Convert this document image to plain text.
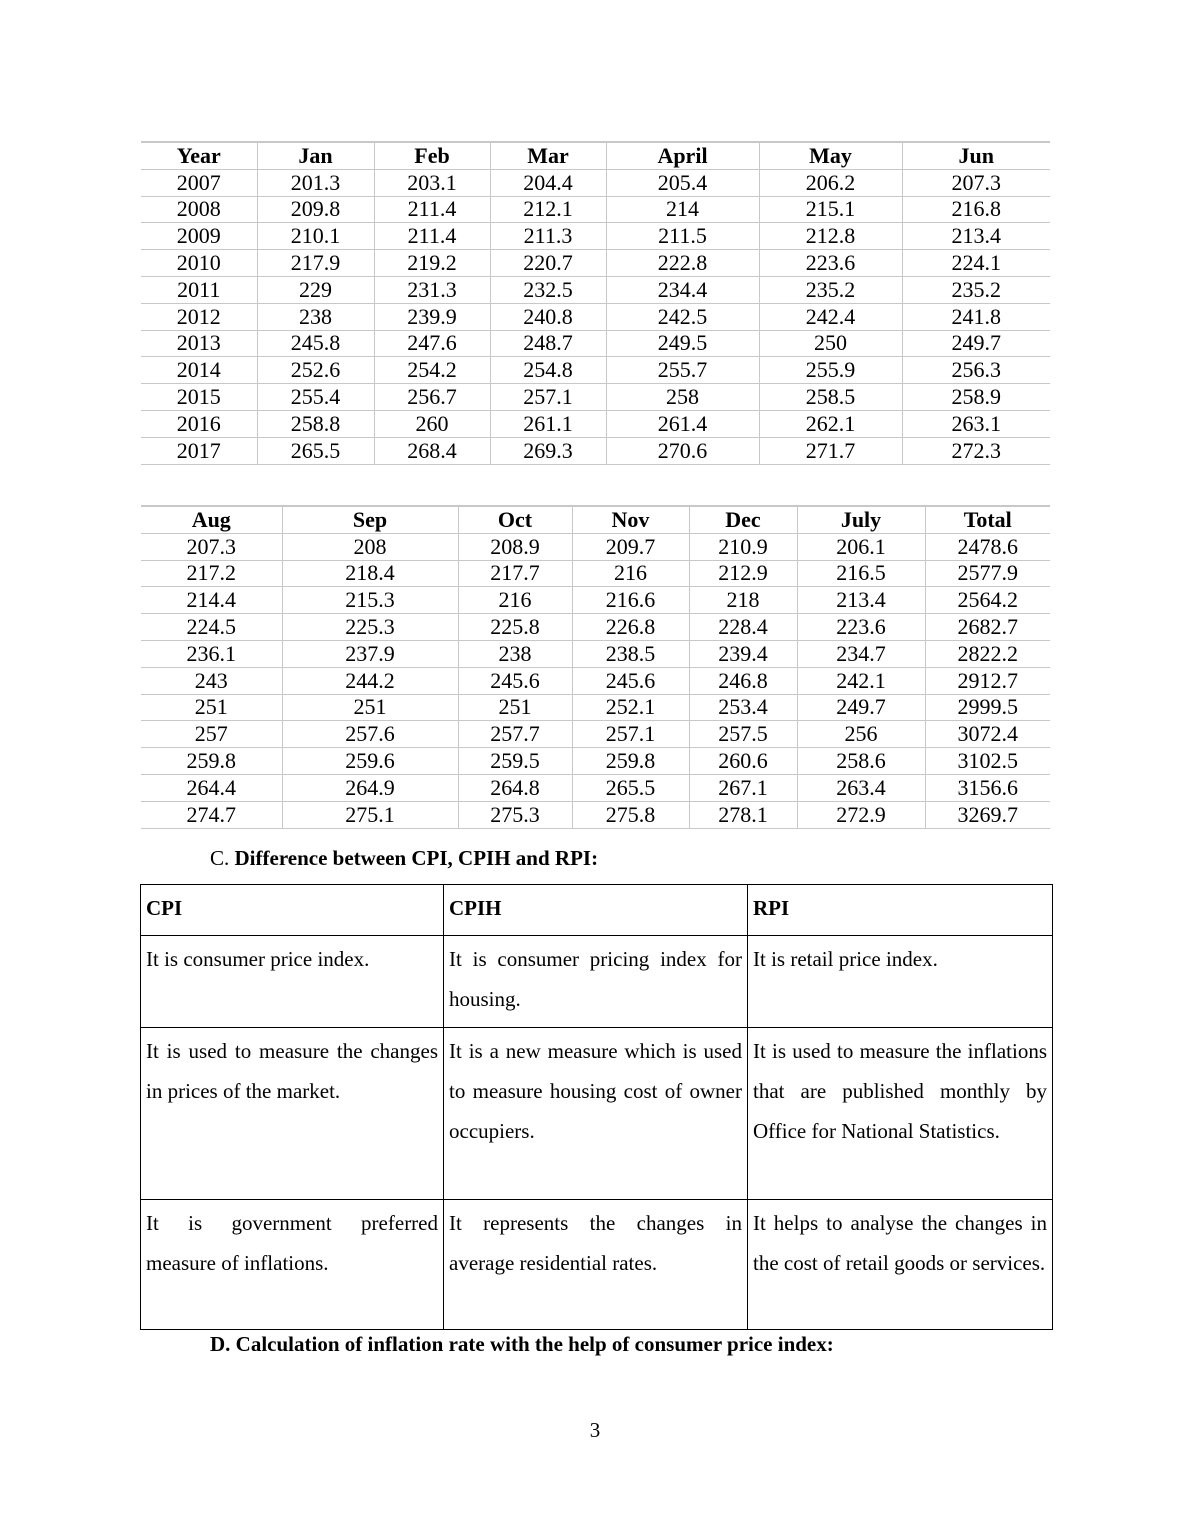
Year	Jan	Feb	Mar	April	May	Jun
2007	201.3	203.1	204.4	205.4	206.2	207.3
2008	209.8	211.4	212.1	214	215.1	216.8
2009	210.1	211.4	211.3	211.5	212.8	213.4
2010	217.9	219.2	220.7	222.8	223.6	224.1
2011	229	231.3	232.5	234.4	235.2	235.2
2012	238	239.9	240.8	242.5	242.4	241.8
2013	245.8	247.6	248.7	249.5	250	249.7
2014	252.6	254.2	254.8	255.7	255.9	256.3
2015	255.4	256.7	257.1	258	258.5	258.9
2016	258.8	260	261.1	261.4	262.1	263.1
2017	265.5	268.4	269.3	270.6	271.7	272.3
Aug	Sep	Oct	Nov	Dec	July	Total
207.3	208	208.9	209.7	210.9	206.1	2478.6
217.2	218.4	217.7	216	212.9	216.5	2577.9
214.4	215.3	216	216.6	218	213.4	2564.2
224.5	225.3	225.8	226.8	228.4	223.6	2682.7
236.1	237.9	238	238.5	239.4	234.7	2822.2
243	244.2	245.6	245.6	246.8	242.1	2912.7
251	251	251	252.1	253.4	249.7	2999.5
257	257.6	257.7	257.1	257.5	256	3072.4
259.8	259.6	259.5	259.8	260.6	258.6	3102.5
264.4	264.9	264.8	265.5	267.1	263.4	3156.6
274.7	275.1	275.3	275.8	278.1	272.9	3269.7
C. Difference between CPI, CPIH and RPI:
CPI	CPIH	RPI
It is consumer price index.	It is consumer pricing index for housing.	It is retail price index.
It is used to measure the changes in prices of the market.	It is a new measure which is used to measure housing cost of owner occupiers.	It is used to measure the inflations that are published monthly by Office for National Statistics.
It is government preferred measure of inflations.	It represents the changes in average residential rates.	It helps to analyse the changes in the cost of retail goods or services.
D. Calculation of inflation rate with the help of consumer price index:
3
